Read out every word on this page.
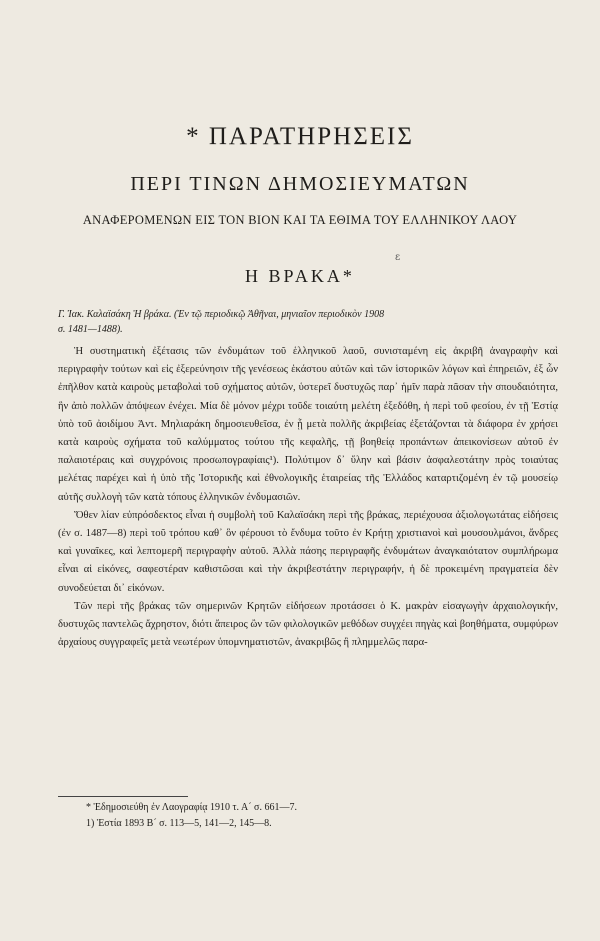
* ΠΑΡΑΤΗΡΗΣΕΙΣ
ΠΕΡΙ ΤΙΝΩΝ ΔΗΜΟΣΙΕΥΜΑΤΩΝ
ΑΝΑΦΕΡΟΜΕΝΩΝ ΕΙΣ ΤΟΝ ΒΙΟΝ ΚΑΙ ΤΑ ΕΘΙΜΑ ΤΟΥ ΕΛΛΗΝΙΚΟΥ ΛΑΟΥ
ε
Η ΒΡΑΚΑ*
Γ. Ἰακ. Καλαϊσάκη Ἡ βράκα. (Ἐν τῷ περιοδικῷ Ἀθῆναι, μηνιαῖον περιοδικὸν 1908
σ. 1481—1488).

Ἡ συστηματικὴ ἐξέτασις τῶν ἐνδυμάτων τοῦ ἑλληνικοῦ λαοῦ, συνισταμένη εἰς ἀκριβῆ ἀναγραφὴν καὶ περιγραφὴν τούτων καὶ εἰς ἐξερεύνησιν τῆς γενέσεως ἑκάστου αὐτῶν καὶ τῶν ἱστορικῶν λόγων καὶ ἐπηρειῶν, ἐξ ὧν ἐπῆλθον κατὰ καιροὺς μεταβολαὶ τοῦ σχήματος αὐτῶν, ὑστερεῖ δυστυχῶς παρ᾽ ἡμῖν παρὰ πᾶσαν τὴν σπουδαιότητα, ἣν ἀπὸ πολλῶν ἀπόψεων ἐνέχει. Μία δὲ μόνον μέχρι τοῦδε τοιαύτη μελέτη ἐξεδόθη, ἡ περὶ τοῦ φεσίου, ἐν τῇ Ἑστίᾳ ὑπὸ τοῦ ἀοιδίμου Ἀντ. Μηλιαράκη δημοσιευθεῖσα, ἐν ᾗ μετὰ πολλῆς ἀκριβείας ἐξετάζονται τὰ διάφορα ἐν χρήσει κατὰ καιροὺς σχήματα τοῦ καλύμματος τούτου τῆς κεφαλῆς, τῇ βοηθείᾳ προπάντων ἀπεικονίσεων αὐτοῦ ἐν παλαιοτέραις καὶ συγχρόνοις προσωπογραφίαις¹). Πολύτιμον δ᾽ ὕλην καὶ βάσιν ἀσφαλεστάτην πρὸς τοιαύτας μελέτας παρέχει καὶ ἡ ὑπὸ τῆς Ἱστορικῆς καὶ ἐθνολογικῆς ἑταιρείας τῆς Ἑλλάδος καταρτιζομένη ἐν τῷ μουσείῳ αὐτῆς συλλογὴ τῶν κατὰ τόπους ἑλληνικῶν ἐνδυμασιῶν.

Ὅθεν λίαν εὐπρόσδεκτος εἶναι ἡ συμβολὴ τοῦ Καλαϊσάκη περὶ τῆς βράκας, περιέχουσα ἀξιολογωτάτας εἰδήσεις (ἐν σ. 1487—8) περὶ τοῦ τρόπου καθ᾽ ὃν φέρουσι τὸ ἔνδυμα τοῦτο ἐν Κρήτῃ χριστιανοὶ καὶ μουσουλμάνοι, ἄνδρες καὶ γυναῖκες, καὶ λεπτομερῆ περιγραφὴν αὐτοῦ. Ἀλλὰ πάσης περιγραφῆς ἐνδυμάτων ἀναγκαιότατον συμπλήρωμα εἶναι αἱ εἰκόνες, σαφεστέραν καθιστῶσαι καὶ τὴν ἀκριβεστάτην περιγραφήν, ἡ δὲ προκειμένη πραγματεία δὲν συνοδεύεται δι᾽ εἰκόνων.

Τῶν περὶ τῆς βράκας τῶν σημερινῶν Κρητῶν εἰδήσεων προτάσσει ὁ Κ. μακρὰν εἰσαγωγὴν ἀρχαιολογικήν, δυστυχῶς παντελῶς ἄχρηστον, διότι ἄπειρος ὢν τῶν φιλολογικῶν μεθόδων συγχέει πηγὰς καὶ βοηθήματα, συμφύρων ἀρχαίους συγγραφεῖς μετὰ νεωτέρων ὑπομνηματιστῶν, ἀνακριβῶς ἢ πλημμελῶς παρα-

* Ἐδημοσιεύθη ἐν Λαογραφίᾳ 1910 τ. Α´ σ. 661—7.
1) Ἑστία 1893 Β´ σ. 113—5, 141—2, 145—8.
